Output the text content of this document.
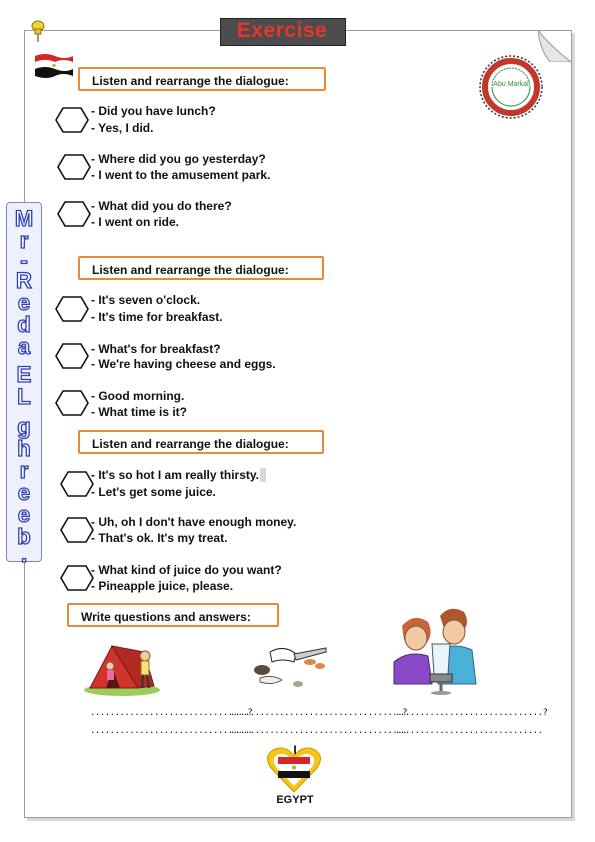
Exercise
Abu Markal
M
r
-
R
e
d
a
E
L
g
h
r
e
e
b
.
Listen and rearrange the dialogue:
- Did you have lunch?
- Yes, I did.
- Where did you go yesterday?
- I went to the amusement park.
- What did you do there?
- I went on ride.
Listen and rearrange the dialogue:
- It's seven o'clock.
- It's time for breakfast.
- What's for breakfast?
- We're having cheese and eggs.
- Good morning.
- What time is it?
Listen and rearrange the dialogue:
- It's so hot I am really thirsty.
- Let's get some juice.
- Uh, oh I don't have enough money.
- That's ok. It's my treat.
- What kind of juice do you want?
- Pineapple juice, please.
Write questions and answers:
................................?
.................................
...................................?
....................................
..............................?
..............................
I
EGYPT
